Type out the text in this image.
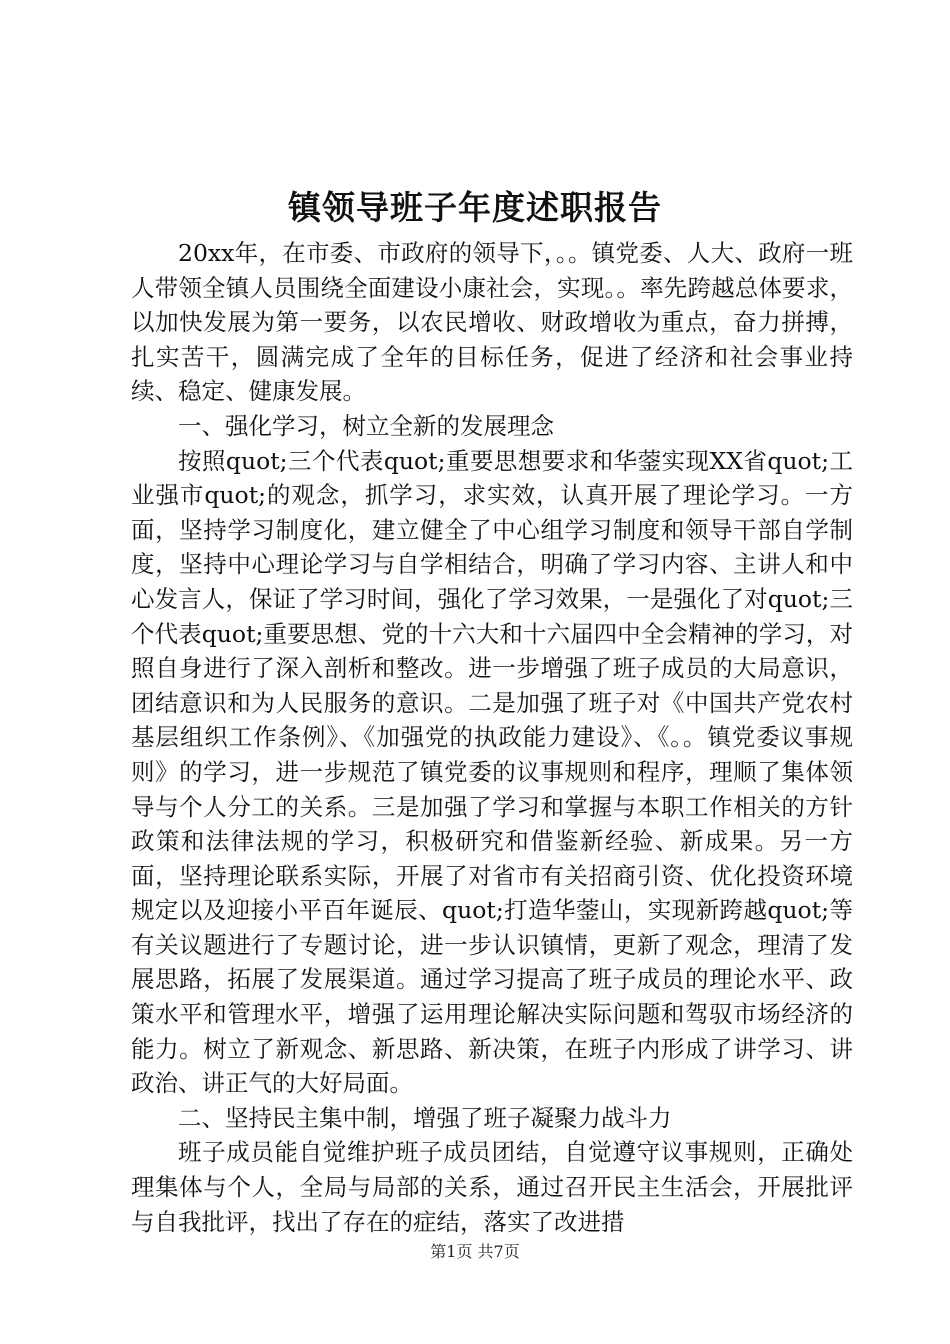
镇领导班子年度述职报告

20xx年，在市委、市政府的领导下，。。镇党委、人大、政府一班人带领全镇人员围绕全面建设小康社会，实现。。率先跨越总体要求，以加快发展为第一要务，以农民增收、财政增收为重点，奋力拼搏，扎实苦干，圆满完成了全年的目标任务，促进了经济和社会事业持续、稳定、健康发展。

一、强化学习，树立全新的发展理念

按照quot;三个代表quot;重要思想要求和华蓥实现XX省quot;工业强市quot;的观念，抓学习，求实效，认真开展了理论学习。一方面，坚持学习制度化，建立健全了中心组学习制度和领导干部自学制度，坚持中心理论学习与自学相结合，明确了学习内容、主讲人和中心发言人，保证了学习时间，强化了学习效果，一是强化了对quot;三个代表quot;重要思想、党的十六大和十六届四中全会精神的学习，对照自身进行了深入剖析和整改。进一步增强了班子成员的大局意识，团结意识和为人民服务的意识。二是加强了班子对《中国共产党农村基层组织工作条例》、《加强党的执政能力建设》、《。。镇党委议事规则》的学习，进一步规范了镇党委的议事规则和程序，理顺了集体领导与个人分工的关系。三是加强了学习和掌握与本职工作相关的方针政策和法律法规的学习，积极研究和借鉴新经验、新成果。另一方面，坚持理论联系实际，开展了对省市有关招商引资、优化投资环境规定以及迎接小平百年诞辰、quot;打造华蓥山，实现新跨越quot;等有关议题进行了专题讨论，进一步认识镇情，更新了观念，理清了发展思路，拓展了发展渠道。通过学习提高了班子成员的理论水平、政策水平和管理水平，增强了运用理论解决实际问题和驾驭市场经济的能力。树立了新观念、新思路、新决策，在班子内形成了讲学习、讲政治、讲正气的大好局面。

二、坚持民主集中制，增强了班子凝聚力战斗力

班子成员能自觉维护班子成员团结，自觉遵守议事规则，正确处理集体与个人，全局与局部的关系，通过召开民主生活会，开展批评与自我批评，找出了存在的症结，落实了改进措

第1页 共7页
